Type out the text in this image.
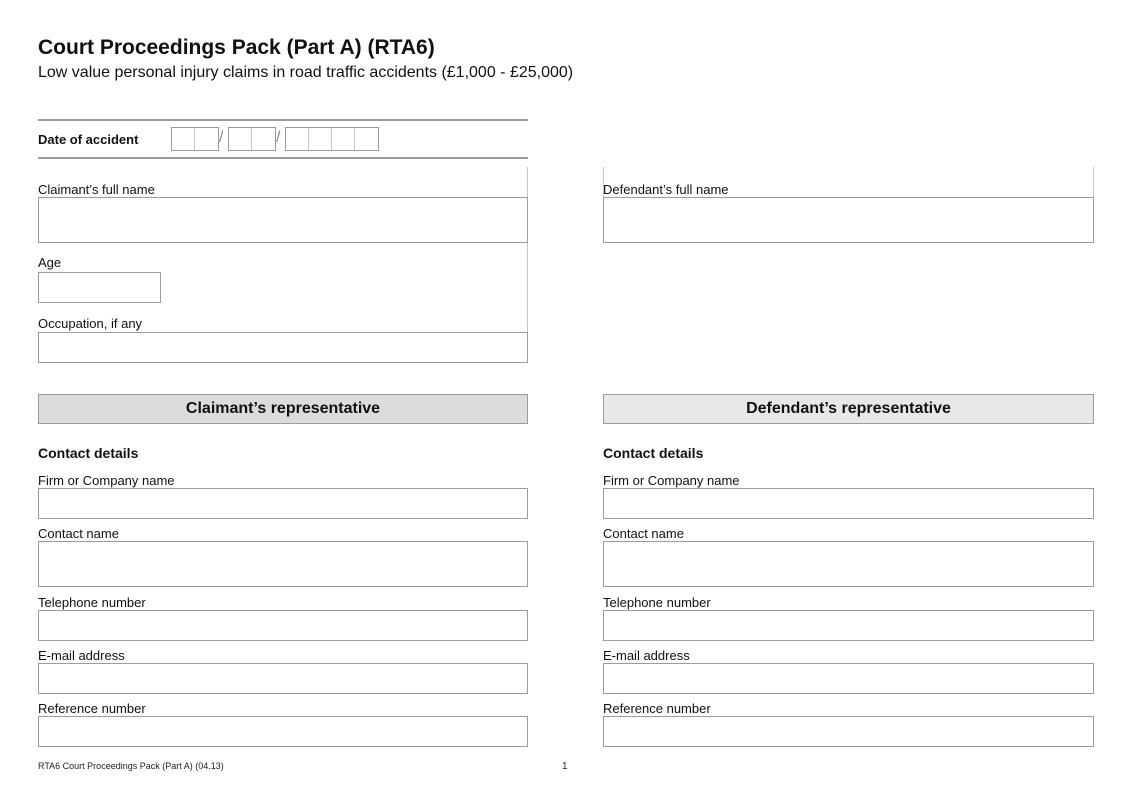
Court Proceedings Pack (Part A) (RTA6)
Low value personal injury claims in road traffic accidents (£1,000 - £25,000)
Date of accident	/	/
Claimant’s full name
Age
Occupation, if any
Defendant’s full name
Claimant’s representative
Contact details
Firm or Company name
Contact name
Telephone number
E-mail address
Reference number
Defendant’s representative
Contact details
Firm or Company name
Contact name
Telephone number
E-mail address
Reference number
RTA6 Court Proceedings Pack (Part A) (04.13)	1
